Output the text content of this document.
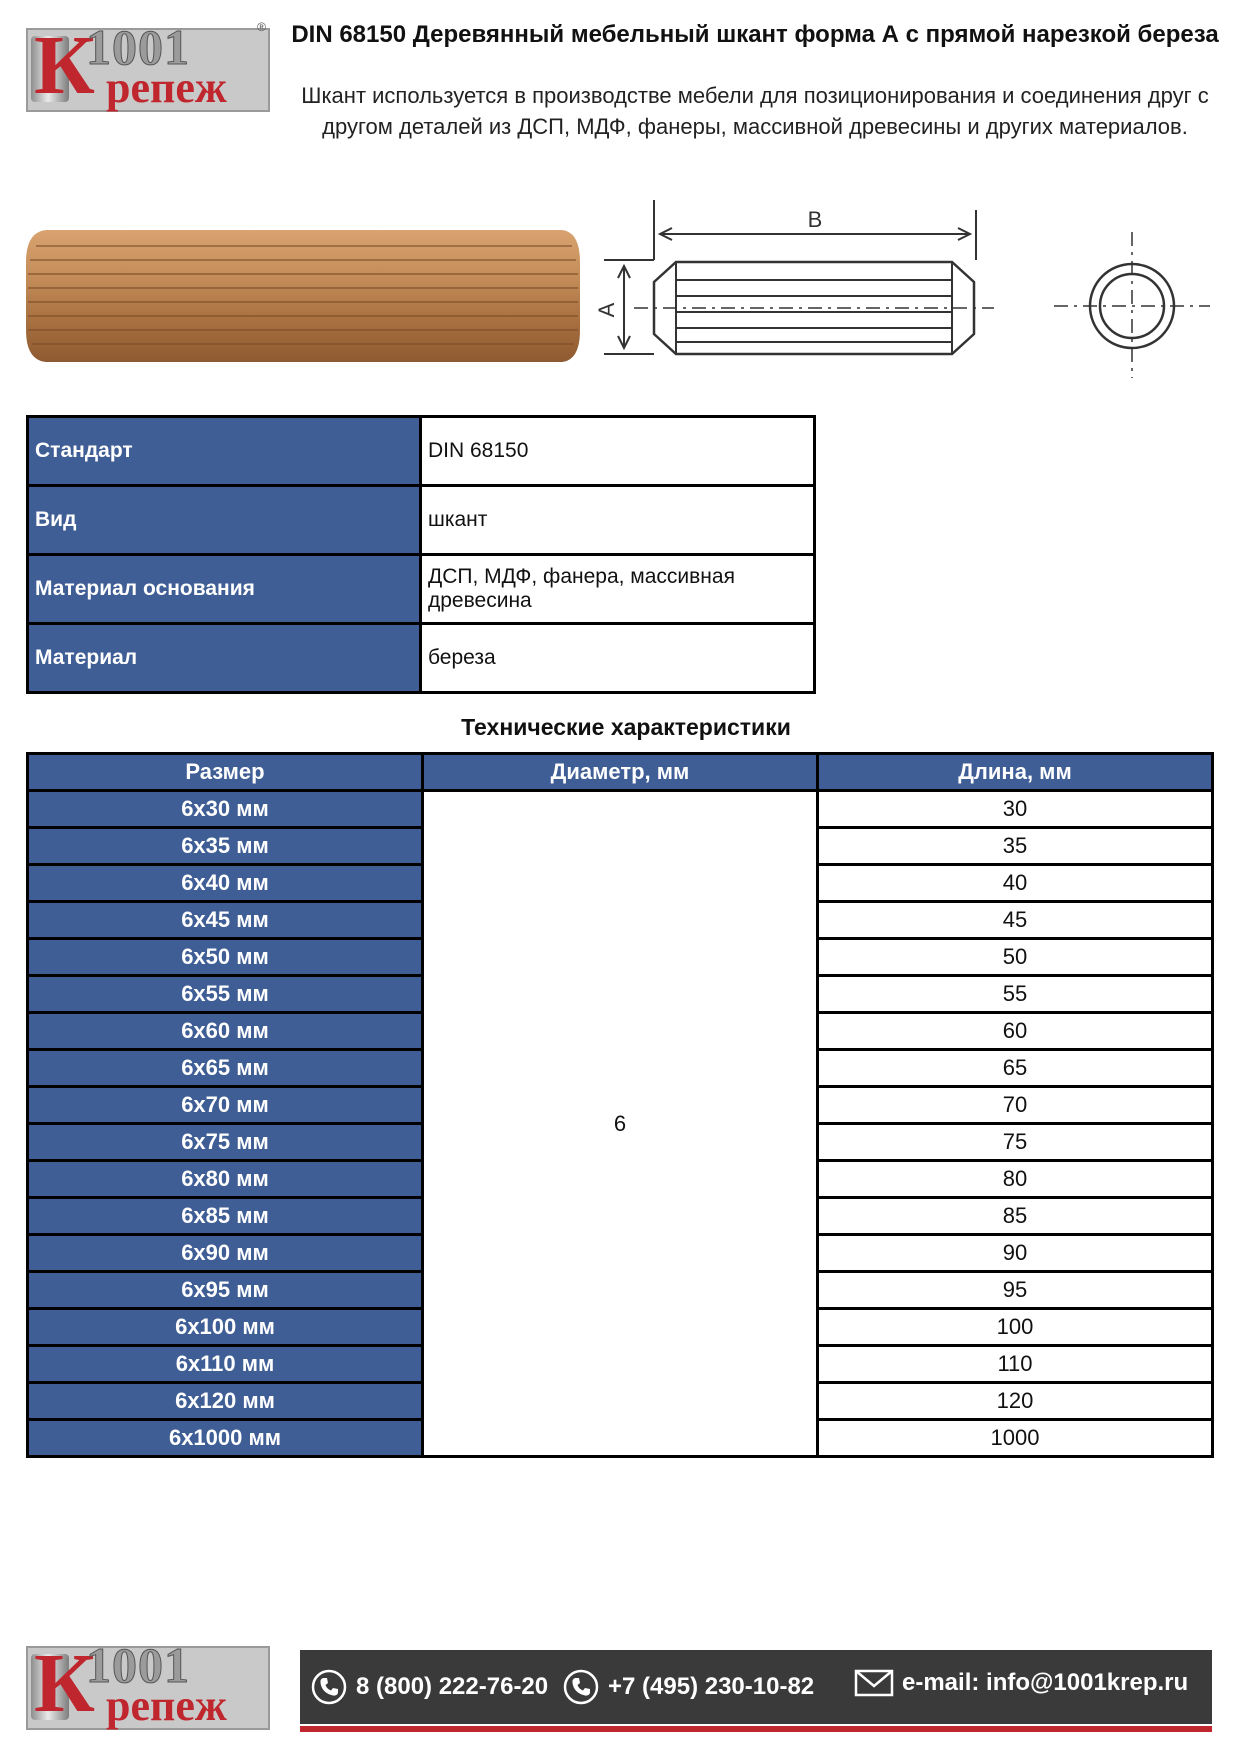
К
1001
репеж
® DIN 68150 Деревянный мебельный шкант форма А с прямой нарезкой береза
Шкант используется в производстве мебели для позиционирования и соединения друг с другом деталей из ДСП, МДФ, фанеры, массивной древесины и других материалов.
B
A
Стандарт	DIN 68150
Вид	шкант
Материал основания	ДСП, МДФ, фанера, массивная древесина
Материал	береза
Технические характеристики
Размер	Диаметр, мм	Длина, мм
6x30 мм	6	30
6x35 мм		35
6x40 мм		40
6x45 мм		45
6x50 мм		50
6x55 мм		55
6x60 мм		60
6x65 мм		65
6x70 мм		70
6x75 мм		75
6x80 мм		80
6x85 мм		85
6x90 мм		90
6x95 мм		95
6x100 мм		100
6x110 мм		110
6x120 мм		120
6x1000 мм		1000
К
1001
репеж	8 (800) 222-76-20 +7 (495) 230-10-82	e-mail: info@1001krep.ru
